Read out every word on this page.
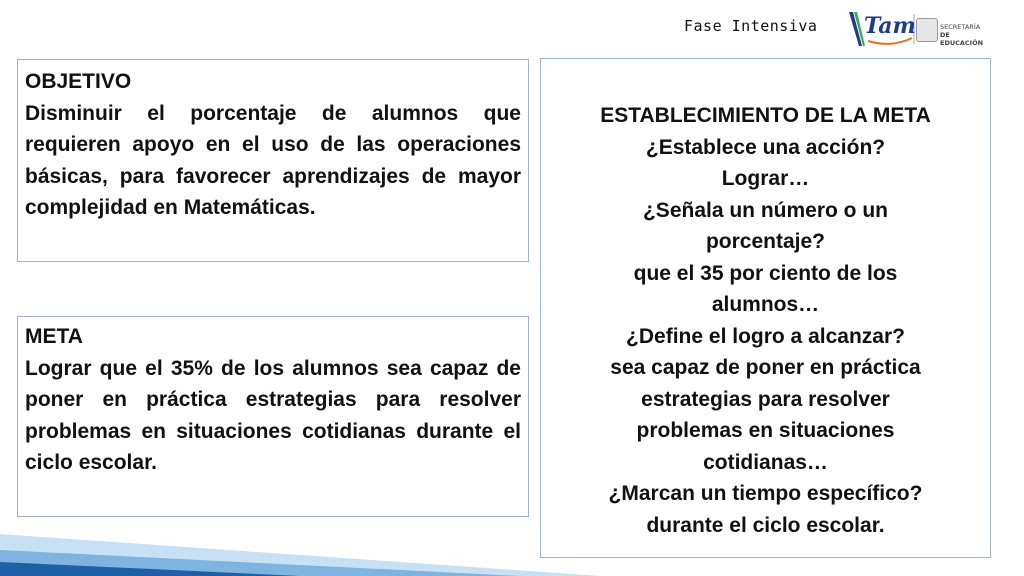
Fase Intensiva Tam	SECRETARÍA
DE EDUCACIÓN
OBJETIVO
Disminuir el porcentaje de alumnos que requieren apoyo en el uso de las operaciones básicas, para favorecer aprendizajes de mayor complejidad en Matemáticas.
META
Lograr que el 35% de los alumnos sea capaz de poner en práctica estrategias para resolver problemas en situaciones cotidianas durante el ciclo escolar.
ESTABLECIMIENTO DE LA META
¿Establece una acción?
Lograr…
¿Señala un número o un porcentaje?
que el 35 por ciento de los alumnos…
¿Define el logro a alcanzar?
sea capaz de poner en práctica estrategias para resolver problemas en situaciones cotidianas…
¿Marcan un tiempo específico?
durante el ciclo escolar.
